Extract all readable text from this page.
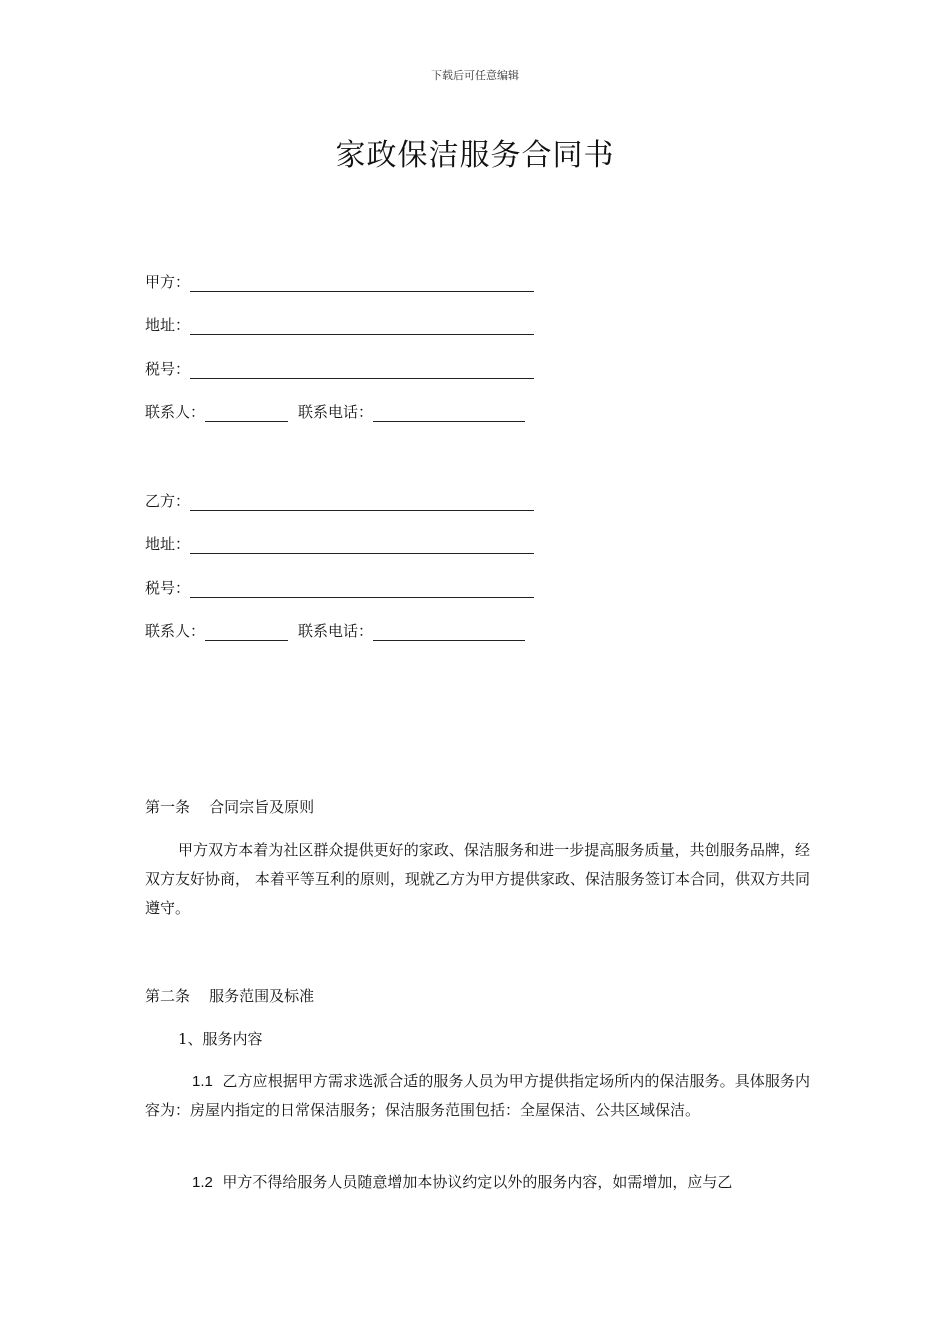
下载后可任意编辑
家政保洁服务合同书
甲方：
地址：
税号：
联系人：	联系电话：
乙方：
地址：
税号：
联系人：	联系电话：
第一条    合同宗旨及原则
甲方双方本着为社区群众提供更好的家政、保洁服务和进一步提高服务质量，共创服务品牌，经双方友好协商， 本着平等互利的原则，现就乙方为甲方提供家政、保洁服务签订本合同，供双方共同遵守。
第二条    服务范围及标准
1、服务内容
1.1 乙方应根据甲方需求选派合适的服务人员为甲方提供指定场所内的保洁服务。具体服务内容为：房屋内指定的日常保洁服务；保洁服务范围包括：全屋保洁、公共区域保洁。
1.2 甲方不得给服务人员随意增加本协议约定以外的服务内容，如需增加，应与乙
